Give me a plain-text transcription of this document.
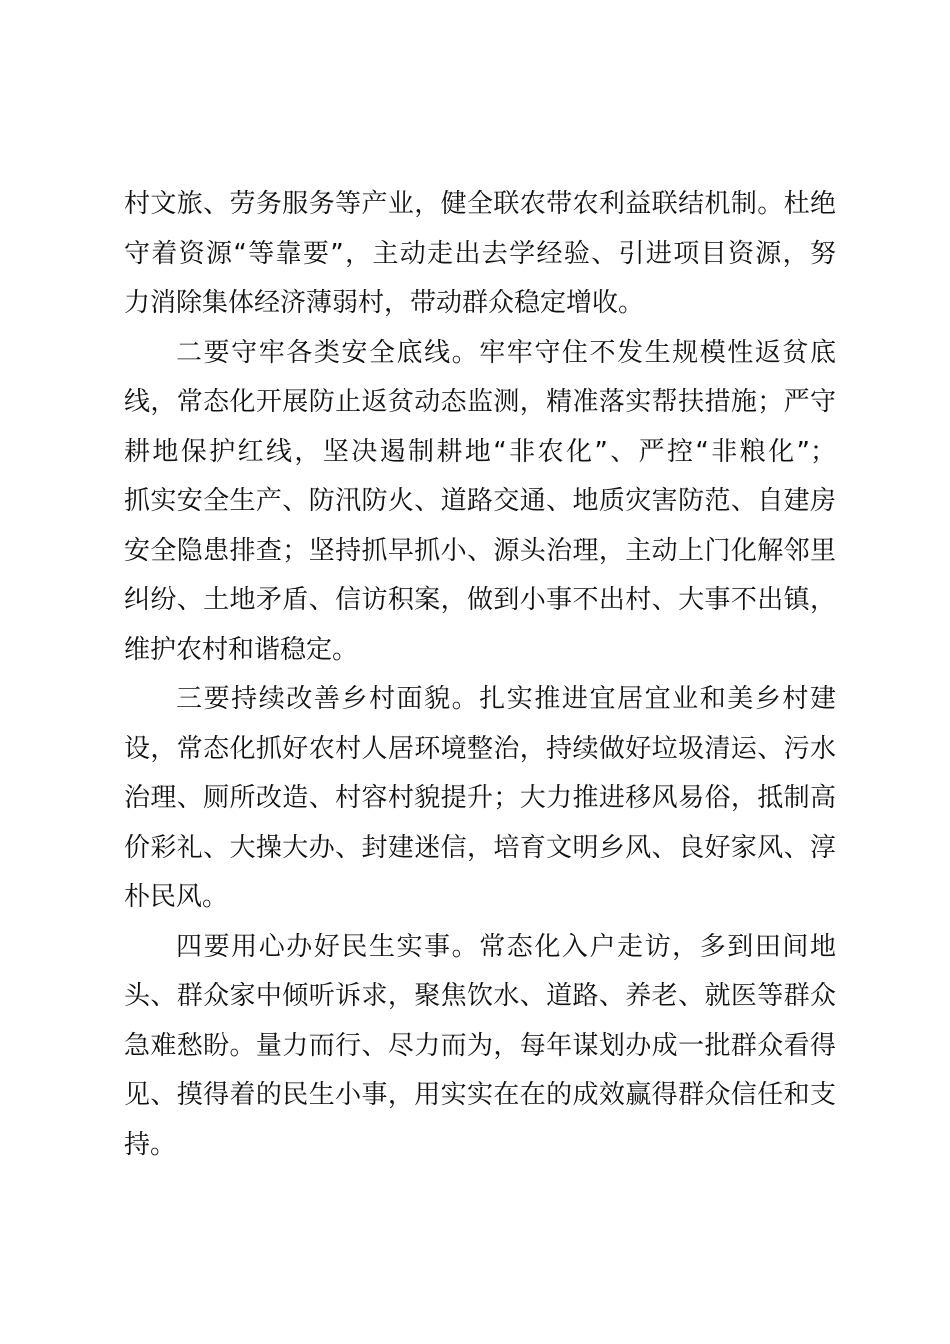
村文旅、劳务服务等产业，健全联农带农利益联结机制。杜绝
守着资源“等靠要”，主动走出去学经验、引进项目资源，努
力消除集体经济薄弱村，带动群众稳定增收。
二要守牢各类安全底线。牢牢守住不发生规模性返贫底
线，常态化开展防止返贫动态监测，精准落实帮扶措施；严守
耕地保护红线，坚决遏制耕地“非农化”、严控“非粮化”；
抓实安全生产、防汛防火、道路交通、地质灾害防范、自建房
安全隐患排查；坚持抓早抓小、源头治理，主动上门化解邻里
纠纷、土地矛盾、信访积案，做到小事不出村、大事不出镇，
维护农村和谐稳定。
三要持续改善乡村面貌。扎实推进宜居宜业和美乡村建
设，常态化抓好农村人居环境整治，持续做好垃圾清运、污水
治理、厕所改造、村容村貌提升；大力推进移风易俗，抵制高
价彩礼、大操大办、封建迷信，培育文明乡风、良好家风、淳
朴民风。
四要用心办好民生实事。常态化入户走访，多到田间地
头、群众家中倾听诉求，聚焦饮水、道路、养老、就医等群众
急难愁盼。量力而行、尽力而为，每年谋划办成一批群众看得
见、摸得着的民生小事，用实实在在的成效赢得群众信任和支
持。
